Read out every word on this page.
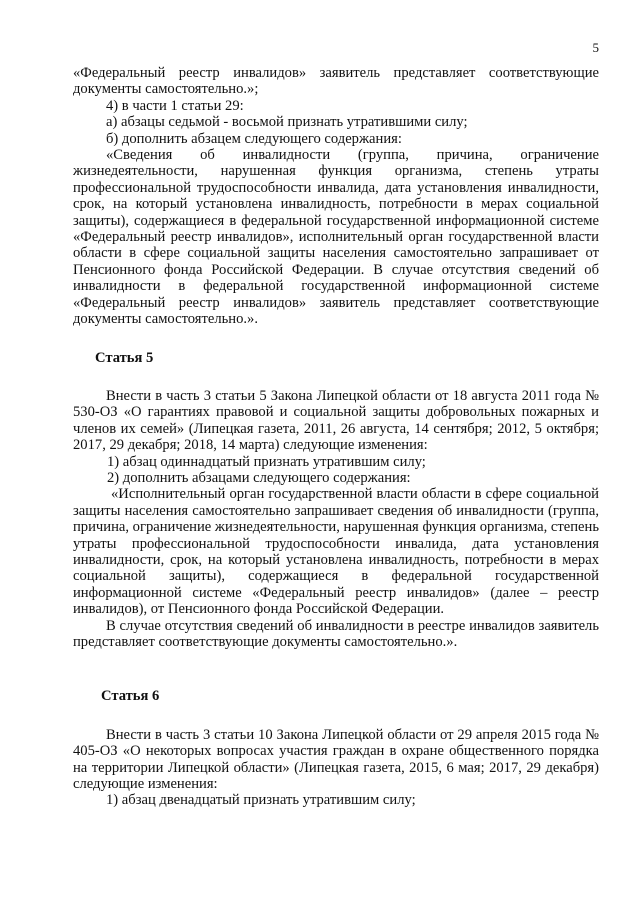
5

«Федеральный реестр инвалидов» заявитель представляет соответствующие документы самостоятельно.»;

4) в части 1 статьи 29:

а) абзацы седьмой - восьмой признать утратившими силу;

б) дополнить абзацем следующего содержания:

«Сведения об инвалидности (группа, причина, ограничение жизнедеятельности, нарушенная функция организма, степень утраты профессиональной трудоспособности инвалида, дата установления инвалидности, срок, на который установлена инвалидность, потребности в мерах социальной защиты), содержащиеся в федеральной государственной информационной системе «Федеральный реестр инвалидов», исполнительный орган государственной власти области в сфере социальной защиты населения самостоятельно запрашивает от Пенсионного фонда Российской Федерации. В случае отсутствия сведений об инвалидности в федеральной государственной информационной системе «Федеральный реестр инвалидов» заявитель представляет соответствующие документы самостоятельно.».

Статья 5

Внести в часть 3 статьи 5 Закона Липецкой области от 18 августа 2011 года № 530-ОЗ «О гарантиях правовой и социальной защиты добровольных пожарных и членов их семей» (Липецкая газета, 2011, 26 августа, 14 сентября; 2012, 5 октября; 2017, 29 декабря; 2018, 14 марта) следующие изменения:

1) абзац одиннадцатый признать утратившим силу;

2) дополнить абзацами следующего содержания:

«Исполнительный орган государственной власти области в сфере социальной защиты населения самостоятельно запрашивает сведения об инвалидности (группа, причина, ограничение жизнедеятельности, нарушенная функция организма, степень утраты профессиональной трудоспособности инвалида, дата установления инвалидности, срок, на который установлена инвалидность, потребности в мерах социальной защиты), содержащиеся в федеральной государственной информационной системе «Федеральный реестр инвалидов» (далее – реестр инвалидов), от Пенсионного фонда Российской Федерации.

В случае отсутствия сведений об инвалидности в реестре инвалидов заявитель представляет соответствующие документы самостоятельно.».

Статья 6

Внести в часть 3 статьи 10 Закона Липецкой области от 29 апреля 2015 года № 405-ОЗ «О некоторых вопросах участия граждан в охране общественного порядка на территории Липецкой области» (Липецкая газета, 2015, 6 мая; 2017, 29 декабря) следующие изменения:

1) абзац двенадцатый признать утратившим силу;
